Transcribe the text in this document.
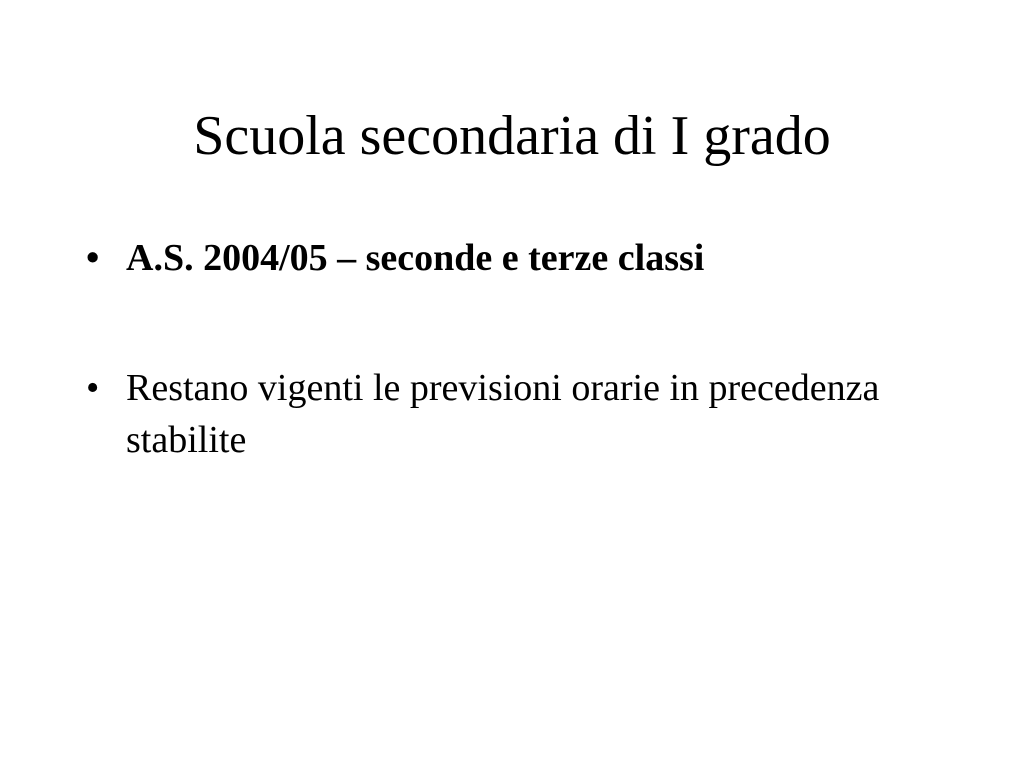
Scuola secondaria di I grado
• A.S. 2004/05 – seconde e terze classi
• Restano vigenti le previsioni orarie in precedenza stabilite
